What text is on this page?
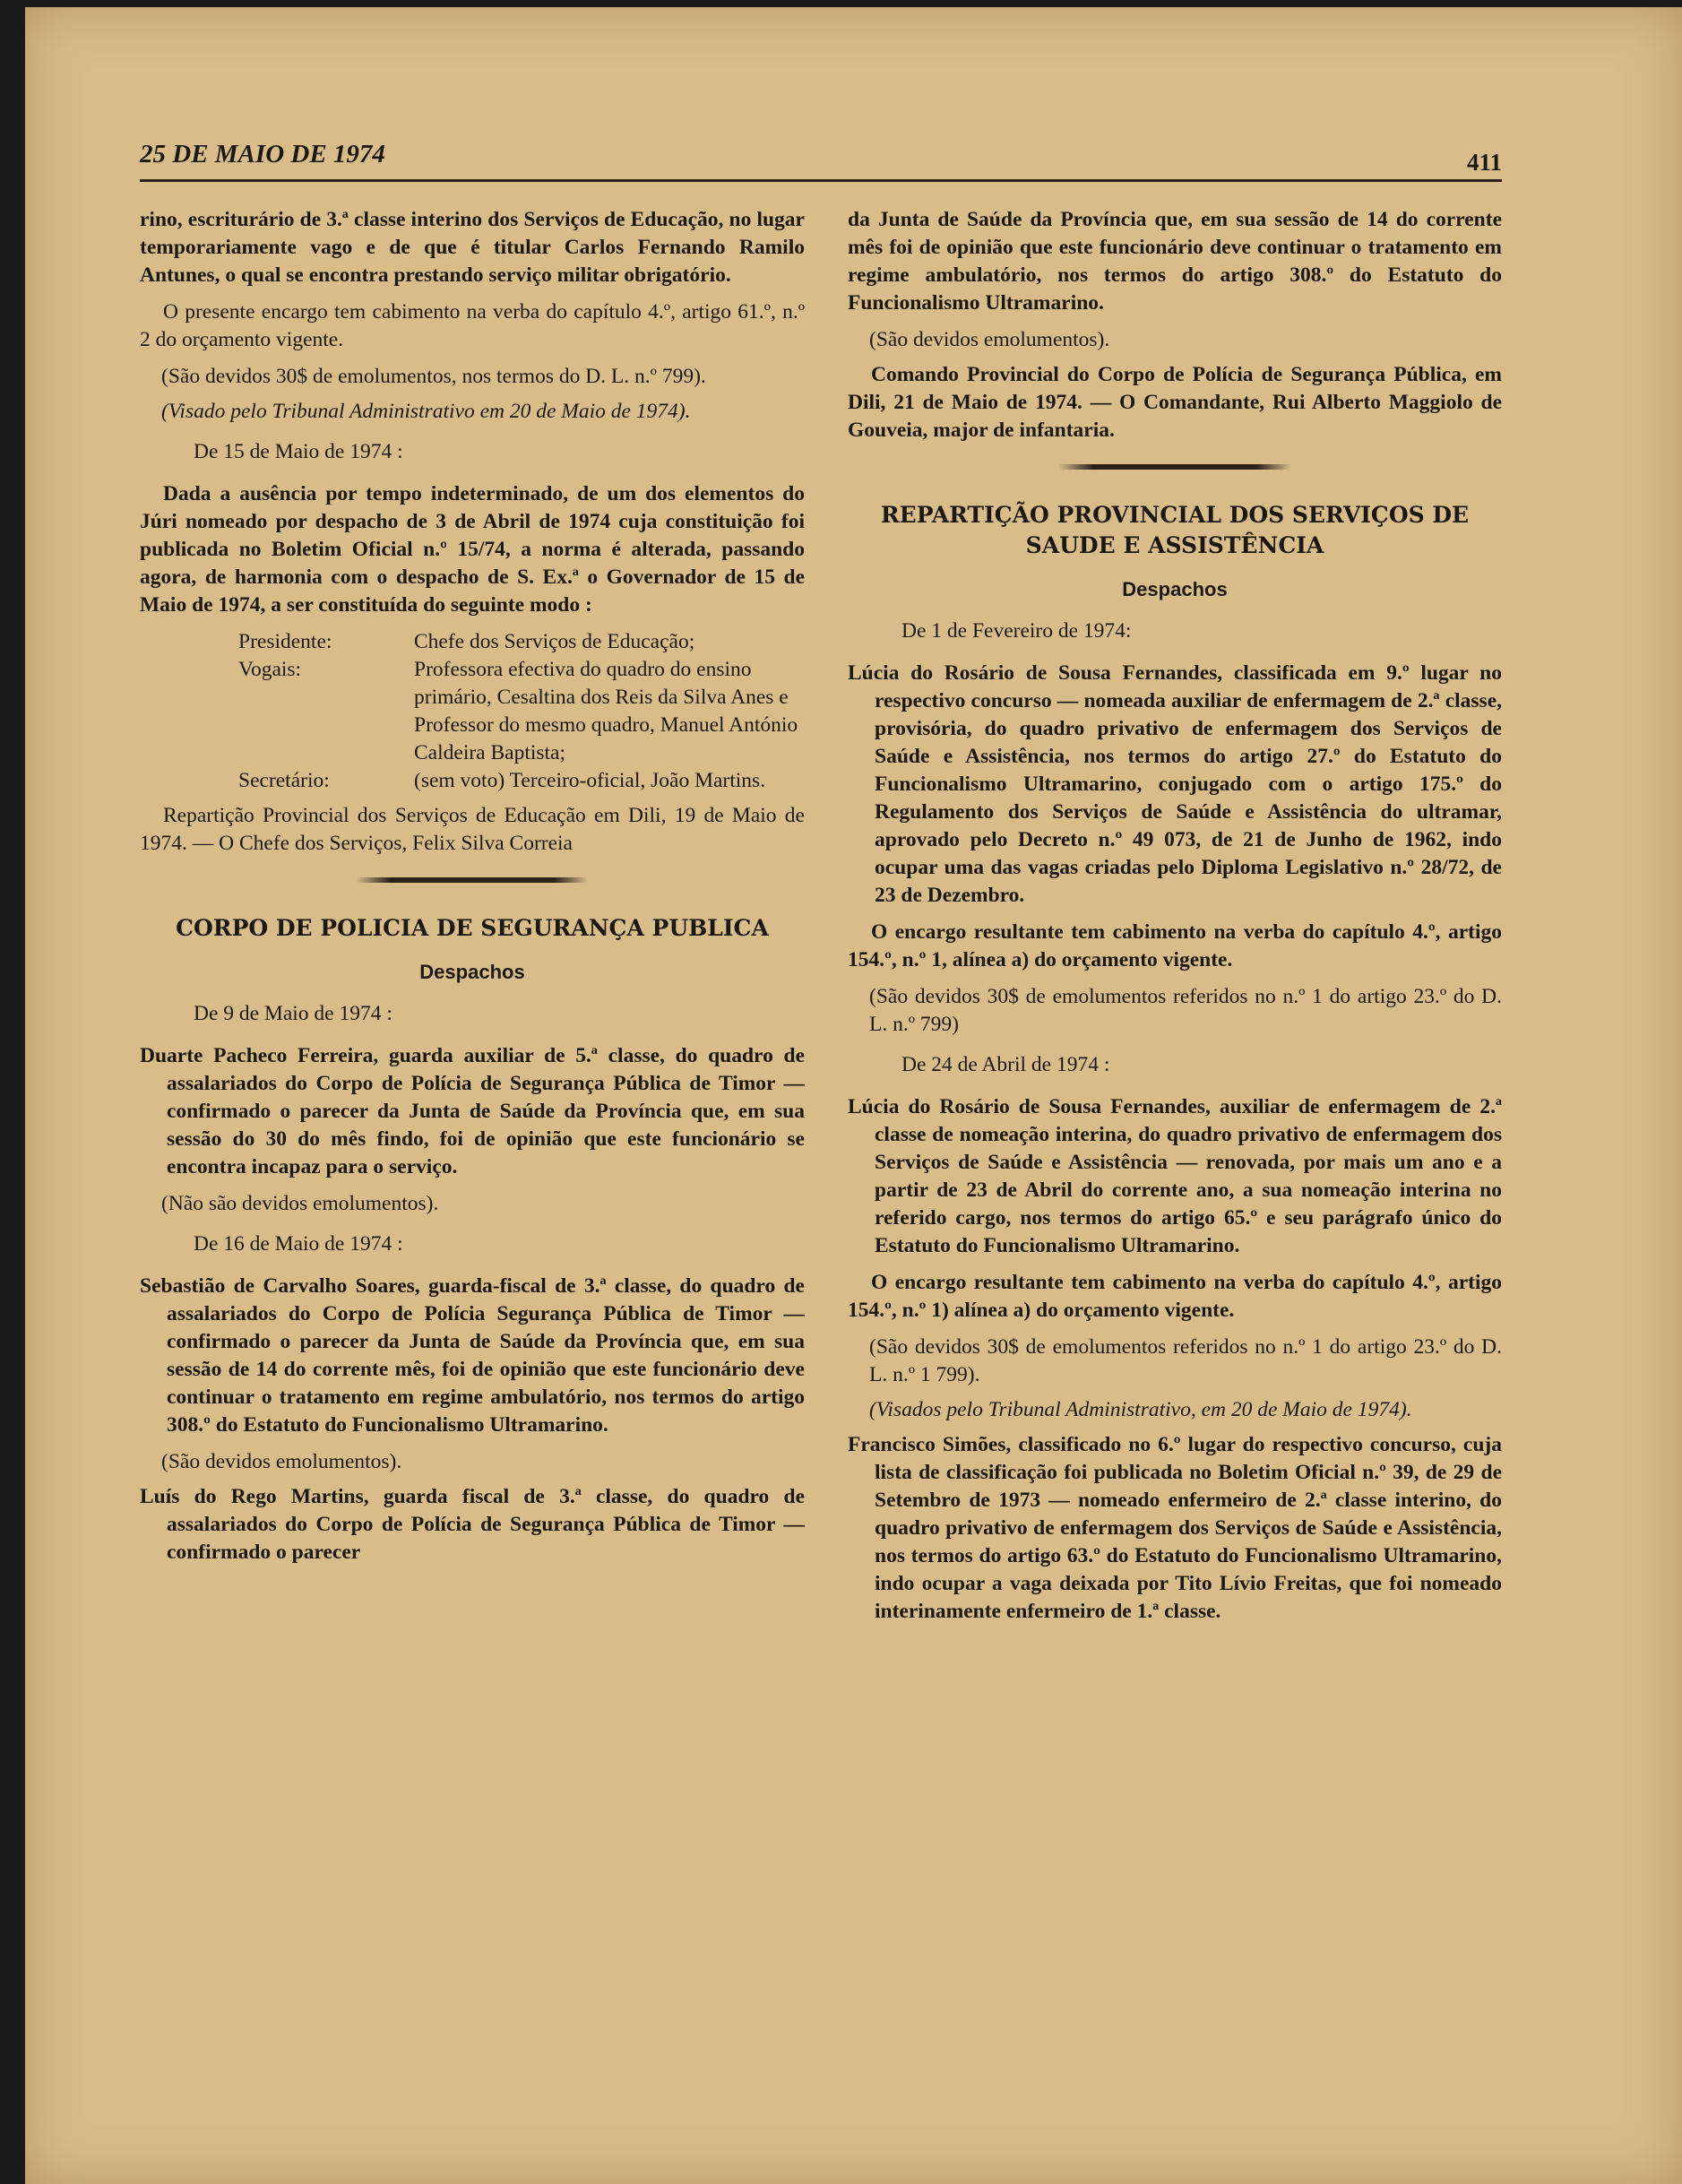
25 DE MAIO DE 1974	411

rino, escriturário de 3.ª classe interino dos Serviços de Educação, no lugar temporariamente vago e de que é titular Carlos Fernando Ramilo Antunes, o qual se encontra prestando serviço militar obrigatório.

O presente encargo tem cabimento na verba do capítulo 4.º, artigo 61.º, n.º 2 do orçamento vigente.

(São devidos 30$ de emolumentos, nos termos do D. L. n.º 799).

(Visado pelo Tribunal Administrativo em 20 de Maio de 1974).

De 15 de Maio de 1974 :

Dada a ausência por tempo indeterminado, de um dos elementos do Júri nomeado por despacho de 3 de Abril de 1974 cuja constituição foi publicada no Boletim Oficial n.º 15/74, a norma é alterada, passando agora, de harmonia com o despacho de S. Ex.ª o Governador de 15 de Maio de 1974, a ser constituída do seguinte modo :

Presidente:	Chefe dos Serviços de Educação;
Vogais:	Professora efectiva do quadro do ensino primário, Cesaltina dos Reis da Silva Anes e
Professor do mesmo quadro, Manuel António Caldeira Baptista;
Secretário:	(sem voto) Terceiro-oficial, João Martins.

Repartição Provincial dos Serviços de Educação em Dili, 19 de Maio de 1974. — O Chefe dos Serviços, Felix Silva Correia

CORPO DE POLICIA DE SEGURANÇA PUBLICA
Despachos

De 9 de Maio de 1974 :

Duarte Pacheco Ferreira, guarda auxiliar de 5.ª classe, do quadro de assalariados do Corpo de Polícia de Segurança Pública de Timor — confirmado o parecer da Junta de Saúde da Província que, em sua sessão do 30 do mês findo, foi de opinião que este funcionário se encontra incapaz para o serviço.

(Não são devidos emolumentos).

De 16 de Maio de 1974 :

Sebastião de Carvalho Soares, guarda-fiscal de 3.ª classe, do quadro de assalariados do Corpo de Polícia Segurança Pública de Timor — confirmado o parecer da Junta de Saúde da Província que, em sua sessão de 14 do corrente mês, foi de opinião que este funcionário deve continuar o tratamento em regime ambulatório, nos termos do artigo 308.º do Estatuto do Funcionalismo Ultramarino.

(São devidos emolumentos).

Luís do Rego Martins, guarda fiscal de 3.ª classe, do quadro de assalariados do Corpo de Polícia de Segurança Pública de Timor — confirmado o parecer

da Junta de Saúde da Província que, em sua sessão de 14 do corrente mês foi de opinião que este funcionário deve continuar o tratamento em regime ambulatório, nos termos do artigo 308.º do Estatuto do Funcionalismo Ultramarino.

(São devidos emolumentos).

Comando Provincial do Corpo de Polícia de Segurança Pública, em Dili, 21 de Maio de 1974. — O Comandante, Rui Alberto Maggiolo de Gouveia, major de infantaria.

REPARTIÇÃO PROVINCIAL DOS SERVIÇOS DE SAUDE E ASSISTÊNCIA
Despachos

De 1 de Fevereiro de 1974:

Lúcia do Rosário de Sousa Fernandes, classificada em 9.º lugar no respectivo concurso — nomeada auxiliar de enfermagem de 2.ª classe, provisória, do quadro privativo de enfermagem dos Serviços de Saúde e Assistência, nos termos do artigo 27.º do Estatuto do Funcionalismo Ultramarino, conjugado com o artigo 175.º do Regulamento dos Serviços de Saúde e Assistência do ultramar, aprovado pelo Decreto n.º 49 073, de 21 de Junho de 1962, indo ocupar uma das vagas criadas pelo Diploma Legislativo n.º 28/72, de 23 de Dezembro.

O encargo resultante tem cabimento na verba do capítulo 4.º, artigo 154.º, n.º 1, alínea a) do orçamento vigente.

(São devidos 30$ de emolumentos referidos no n.º 1 do artigo 23.º do D. L. n.º 799)

De 24 de Abril de 1974 :

Lúcia do Rosário de Sousa Fernandes, auxiliar de enfermagem de 2.ª classe de nomeação interina, do quadro privativo de enfermagem dos Serviços de Saúde e Assistência — renovada, por mais um ano e a partir de 23 de Abril do corrente ano, a sua nomeação interina no referido cargo, nos termos do artigo 65.º e seu parágrafo único do Estatuto do Funcionalismo Ultramarino.

O encargo resultante tem cabimento na verba do capítulo 4.º, artigo 154.º, n.º 1) alínea a) do orçamento vigente.

(São devidos 30$ de emolumentos referidos no n.º 1 do artigo 23.º do D. L. n.º 1 799).

(Visados pelo Tribunal Administrativo, em 20 de Maio de 1974).

Francisco Simões, classificado no 6.º lugar do respectivo concurso, cuja lista de classificação foi publicada no Boletim Oficial n.º 39, de 29 de Setembro de 1973 — nomeado enfermeiro de 2.ª classe interino, do quadro privativo de enfermagem dos Serviços de Saúde e Assistência, nos termos do artigo 63.º do Estatuto do Funcionalismo Ultramarino, indo ocupar a vaga deixada por Tito Lívio Freitas, que foi nomeado interinamente enfermeiro de 1.ª classe.
